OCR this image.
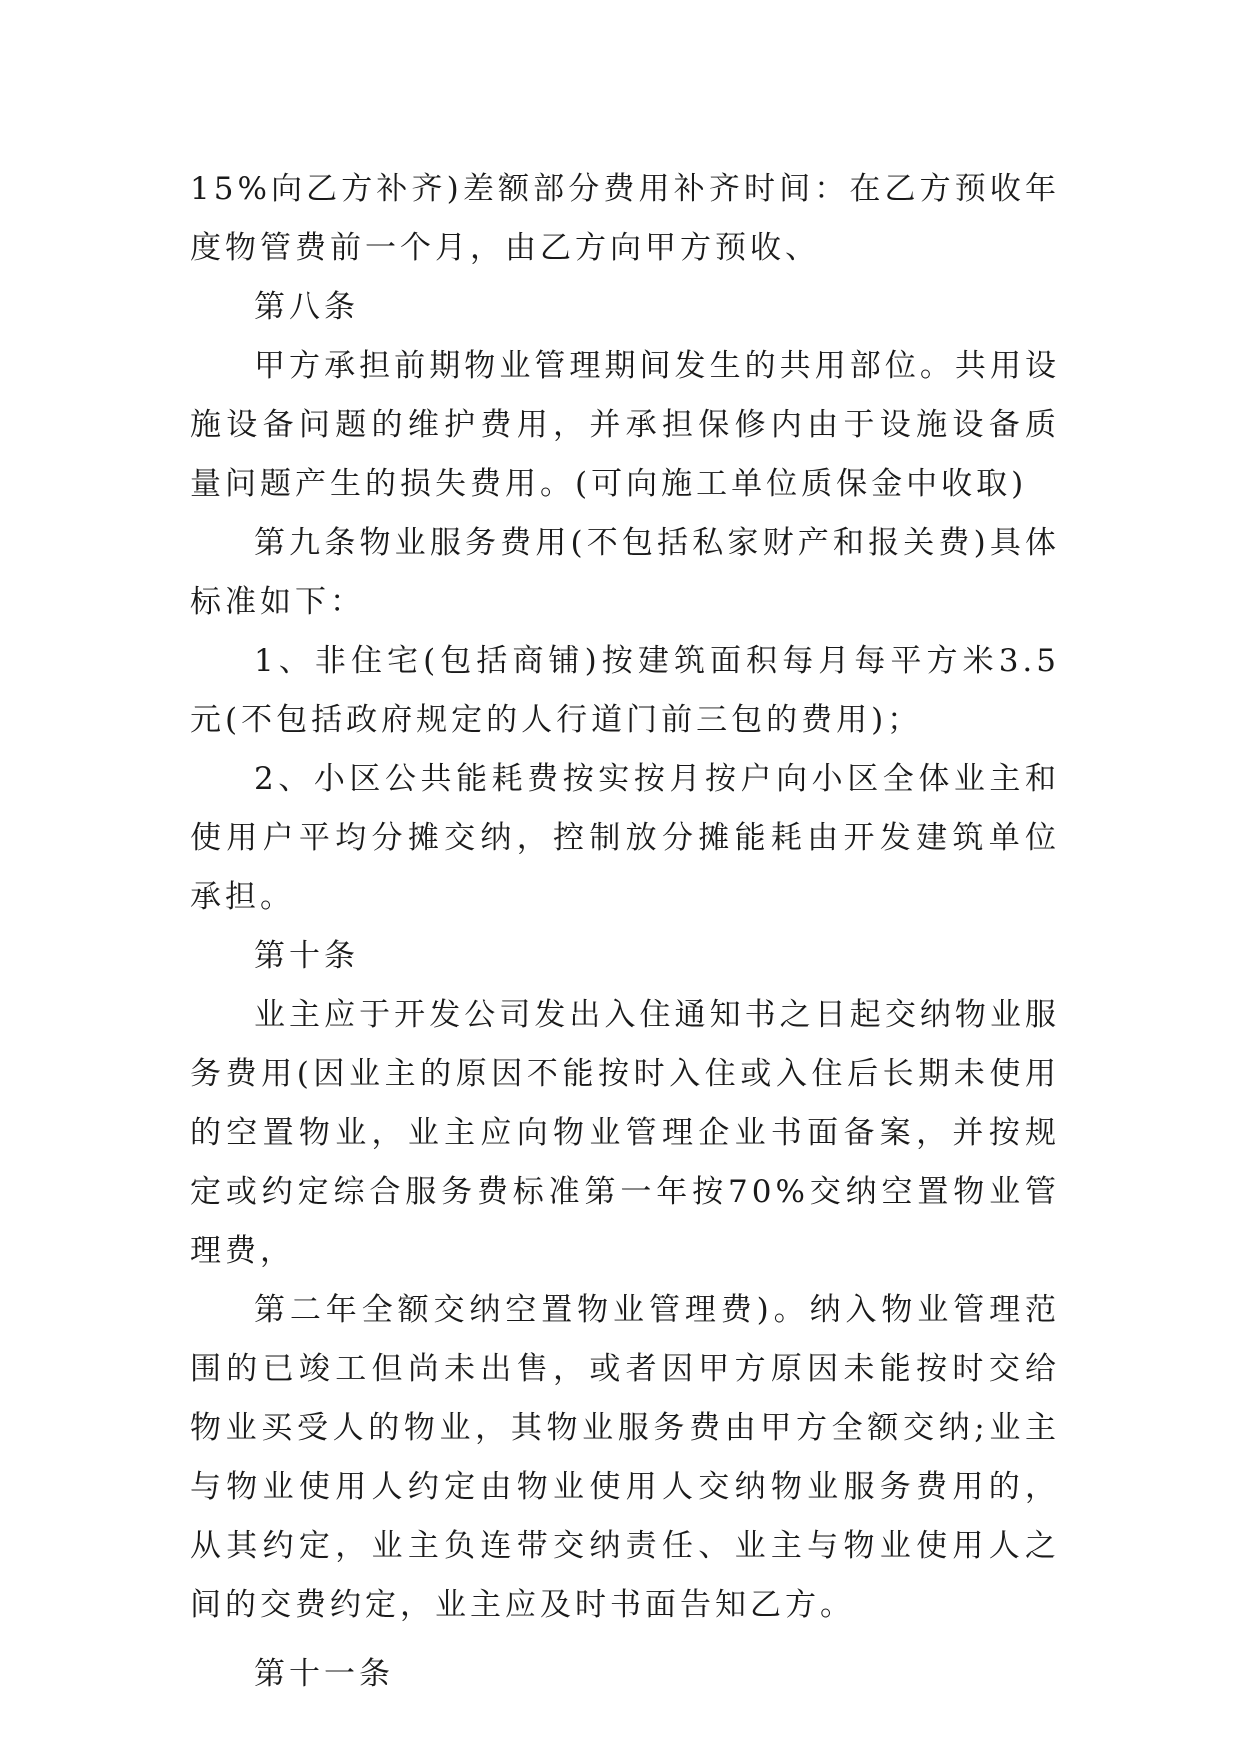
15%向乙方补齐)差额部分费用补齐时间：在乙方预收年度物管费前一个月，由乙方向甲方预收、

第八条

甲方承担前期物业管理期间发生的共用部位。共用设施设备问题的维护费用，并承担保修内由于设施设备质量问题产生的损失费用。(可向施工单位质保金中收取)

第九条物业服务费用(不包括私家财产和报关费)具体标准如下：

1、非住宅(包括商铺)按建筑面积每月每平方米3.5元(不包括政府规定的人行道门前三包的费用)；

2、小区公共能耗费按实按月按户向小区全体业主和使用户平均分摊交纳，控制放分摊能耗由开发建筑单位承担。

第十条

业主应于开发公司发出入住通知书之日起交纳物业服务费用(因业主的原因不能按时入住或入住后长期未使用的空置物业，业主应向物业管理企业书面备案，并按规定或约定综合服务费标准第一年按70%交纳空置物业管理费，

第二年全额交纳空置物业管理费)。纳入物业管理范围的已竣工但尚未出售，或者因甲方原因未能按时交给物业买受人的物业，其物业服务费由甲方全额交纳;业主与物业使用人约定由物业使用人交纳物业服务费用的，从其约定，业主负连带交纳责任、业主与物业使用人之间的交费约定，业主应及时书面告知乙方。

第十一条
